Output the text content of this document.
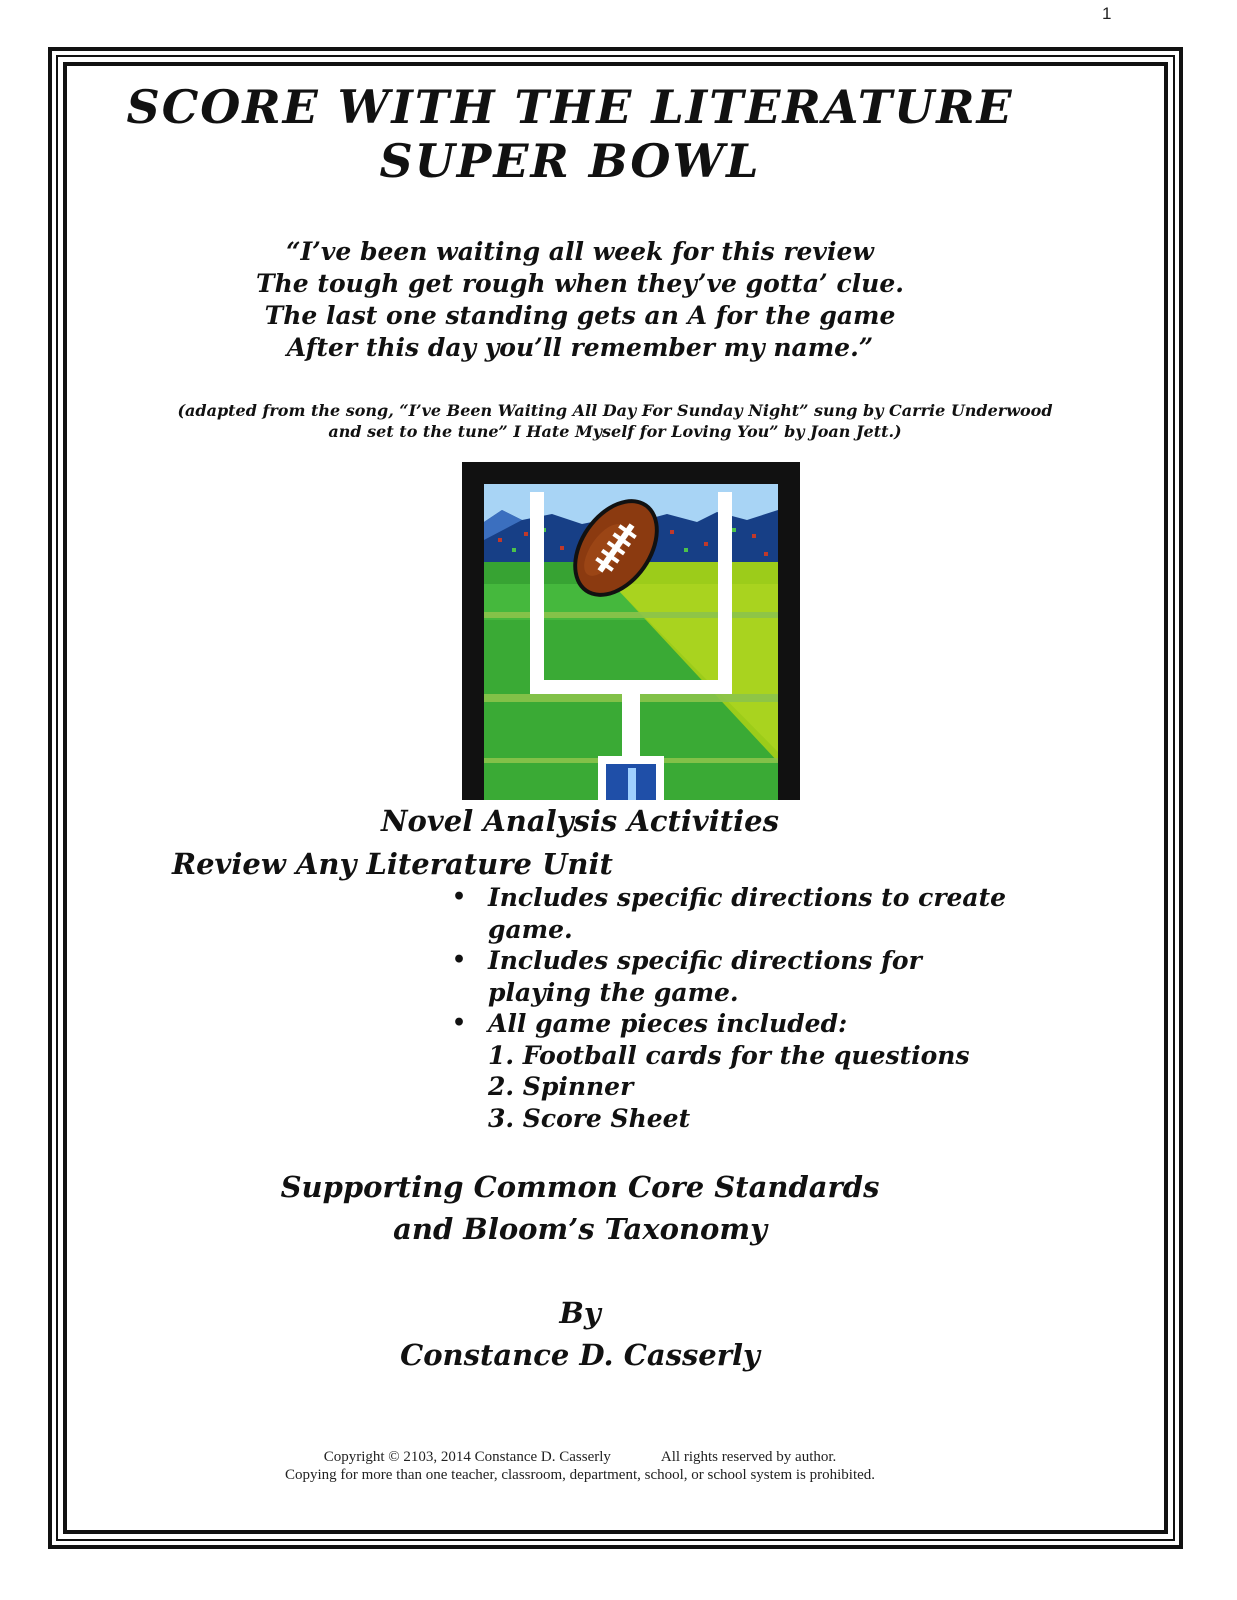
1
SCORE WITH THE LITERATURE
SUPER BOWL
“I’ve been waiting all week for this review
The tough get rough when they’ve gotta’ clue.
The last one standing gets an A for the game
After this day you’ll remember my name.”
(adapted from the song, “I’ve Been Waiting All Day For Sunday Night” sung by Carrie Underwood
and set to the tune” I Hate Myself for Loving You” by Joan Jett.)
Novel Analysis Activities
Review Any Literature Unit
• Includes specific directions to create
game.
• Includes specific directions for
playing the game.
• All game pieces included:
1. Football cards for the questions
2. Spinner
3. Score Sheet
Supporting Common Core Standards
and Bloom’s Taxonomy
By
Constance D. Casserly
Copyright © 2103, 2014 Constance D. Casserly	All rights reserved by author.
Copying for more than one teacher, classroom, department, school, or school system is prohibited.
